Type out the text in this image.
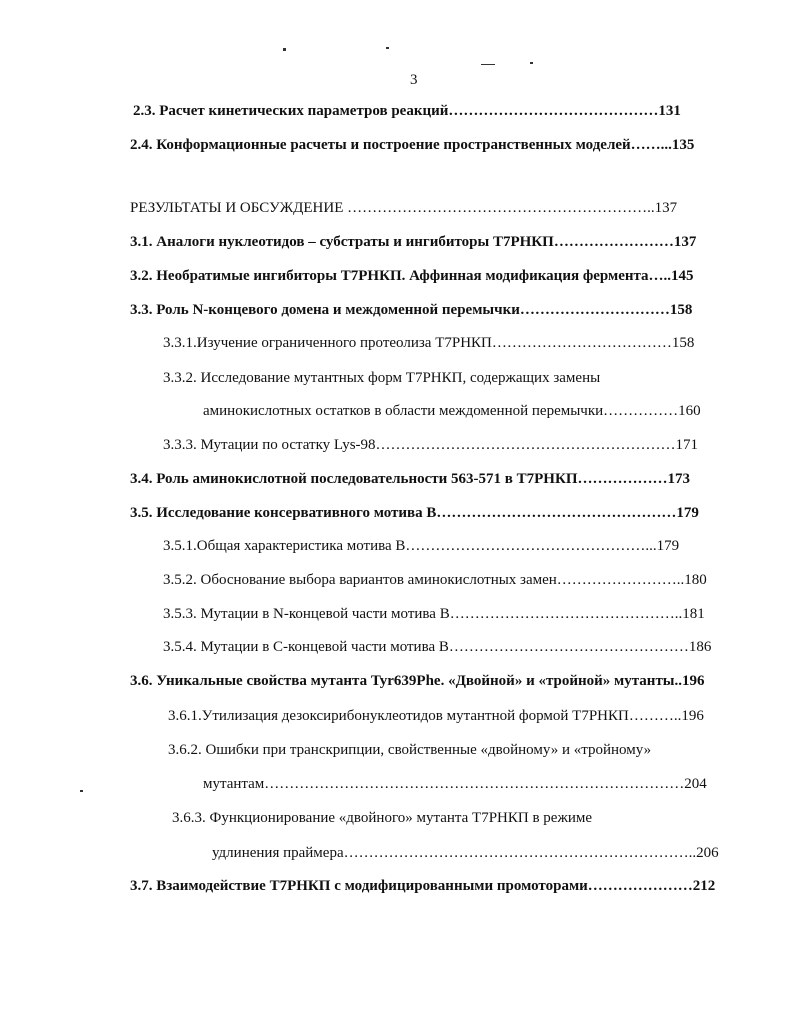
3
2.3. Расчет кинетических параметров реакций……………………………………131
2.4. Конформационные расчеты и построение пространственных моделей……...135
РЕЗУЛЬТАТЫ И ОБСУЖДЕНИЕ ……………………………………………………..137
3.1. Аналоги нуклеотидов – субстраты и ингибиторы Т7РНКП……………………137
3.2. Необратимые ингибиторы Т7РНКП. Аффинная модификация фермента…..145
3.3. Роль N-концевого домена и междоменной перемычки…………………………158
3.3.1.Изучение ограниченного протеолиза Т7РНКП………………………………158
3.3.2. Исследование мутантных форм Т7РНКП, содержащих замены
аминокислотных остатков в области междоменной перемычки……………160
3.3.3. Мутации по остатку Lys-98……………………………………………………171
3.4. Роль аминокислотной последовательности 563-571 в Т7РНКП………………173
3.5. Исследование консервативного мотива В…………………………………………179
3.5.1.Общая характеристика мотива В…………………………………………...179
3.5.2. Обоснование выбора вариантов аминокислотных замен……………………..180
3.5.3. Мутации в N-концевой части мотива В………………………………………..181
3.5.4. Мутации в С-концевой части мотива В…………………………………………186
3.6. Уникальные свойства мутанта Tyr639Phe. «Двойной» и «тройной» мутанты..196
3.6.1.Утилизация дезоксирибонуклеотидов мутантной формой Т7РНКП………..196
3.6.2. Ошибки при транскрипции, свойственные «двойному» и «тройному»
мутантам…………………………………………………………………………204
3.6.3. Функционирование «двойного» мутанта Т7РНКП в режиме
удлинения праймера……………………………………………………………..206
3.7. Взаимодействие Т7РНКП с модифицированными промоторами…………………212
